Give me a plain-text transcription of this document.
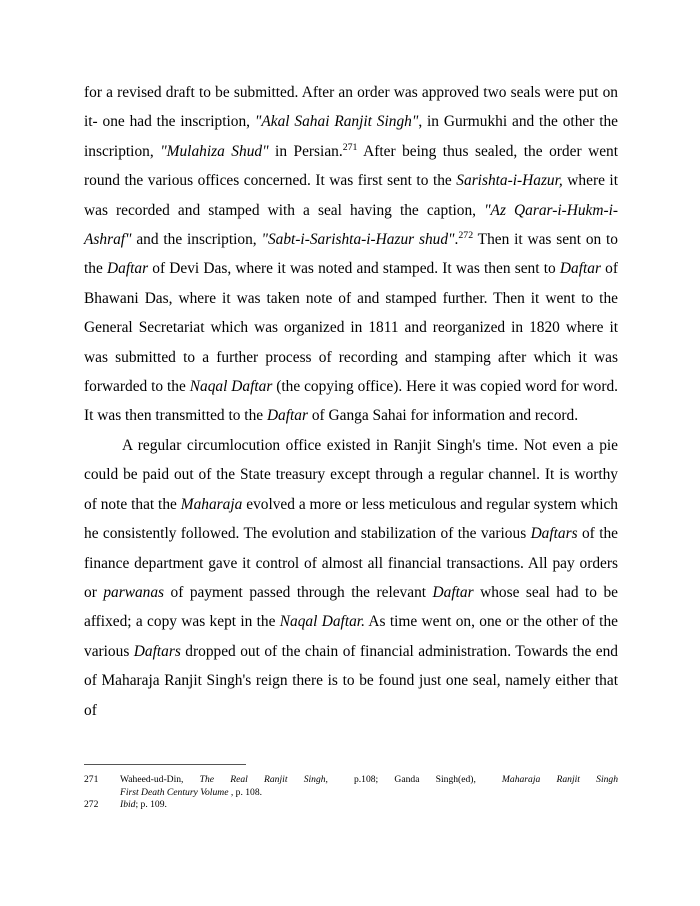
for a revised draft to be submitted. After an order was approved two seals were put on it- one had the inscription, "Akal Sahai Ranjit Singh", in Gurmukhi and the other the inscription, "Mulahiza Shud" in Persian.$^{271}$ After being thus sealed, the order went round the various offices concerned. It was first sent to the Sarishta-i-Hazur, where it was recorded and stamped with a seal having the caption, "Az Qarar-i-Hukm-i-Ashraf" and the inscription, "Sabt-i-Sarishta-i-Hazur shud".$^{272}$ Then it was sent on to the Daftar of Devi Das, where it was noted and stamped. It was then sent to Daftar of Bhawani Das, where it was taken note of and stamped further. Then it went to the General Secretariat which was organized in 1811 and reorganized in 1820 where it was submitted to a further process of recording and stamping after which it was forwarded to the Naqal Daftar (the copying office). Here it was copied word for word. It was then transmitted to the Daftar of Ganga Sahai for information and record.

A regular circumlocution office existed in Ranjit Singh's time. Not even a pie could be paid out of the State treasury except through a regular channel. It is worthy of note that the Maharaja evolved a more or less meticulous and regular system which he consistently followed. The evolution and stabilization of the various Daftars of the finance department gave it control of almost all financial transactions. All pay orders or parwanas of payment passed through the relevant Daftar whose seal had to be affixed; a copy was kept in the Naqal Daftar. As time went on, one or the other of the various Daftars dropped out of the chain of financial administration. Towards the end of Maharaja Ranjit Singh's reign there is to be found just one seal, namely either that of

271	Waheed-ud-Din, The Real Ranjit Singh,	p.108; Ganda Singh(ed),	Maharaja Ranjit Singh
First Death Century Volume , p. 108.
272	Ibid; p. 109.
